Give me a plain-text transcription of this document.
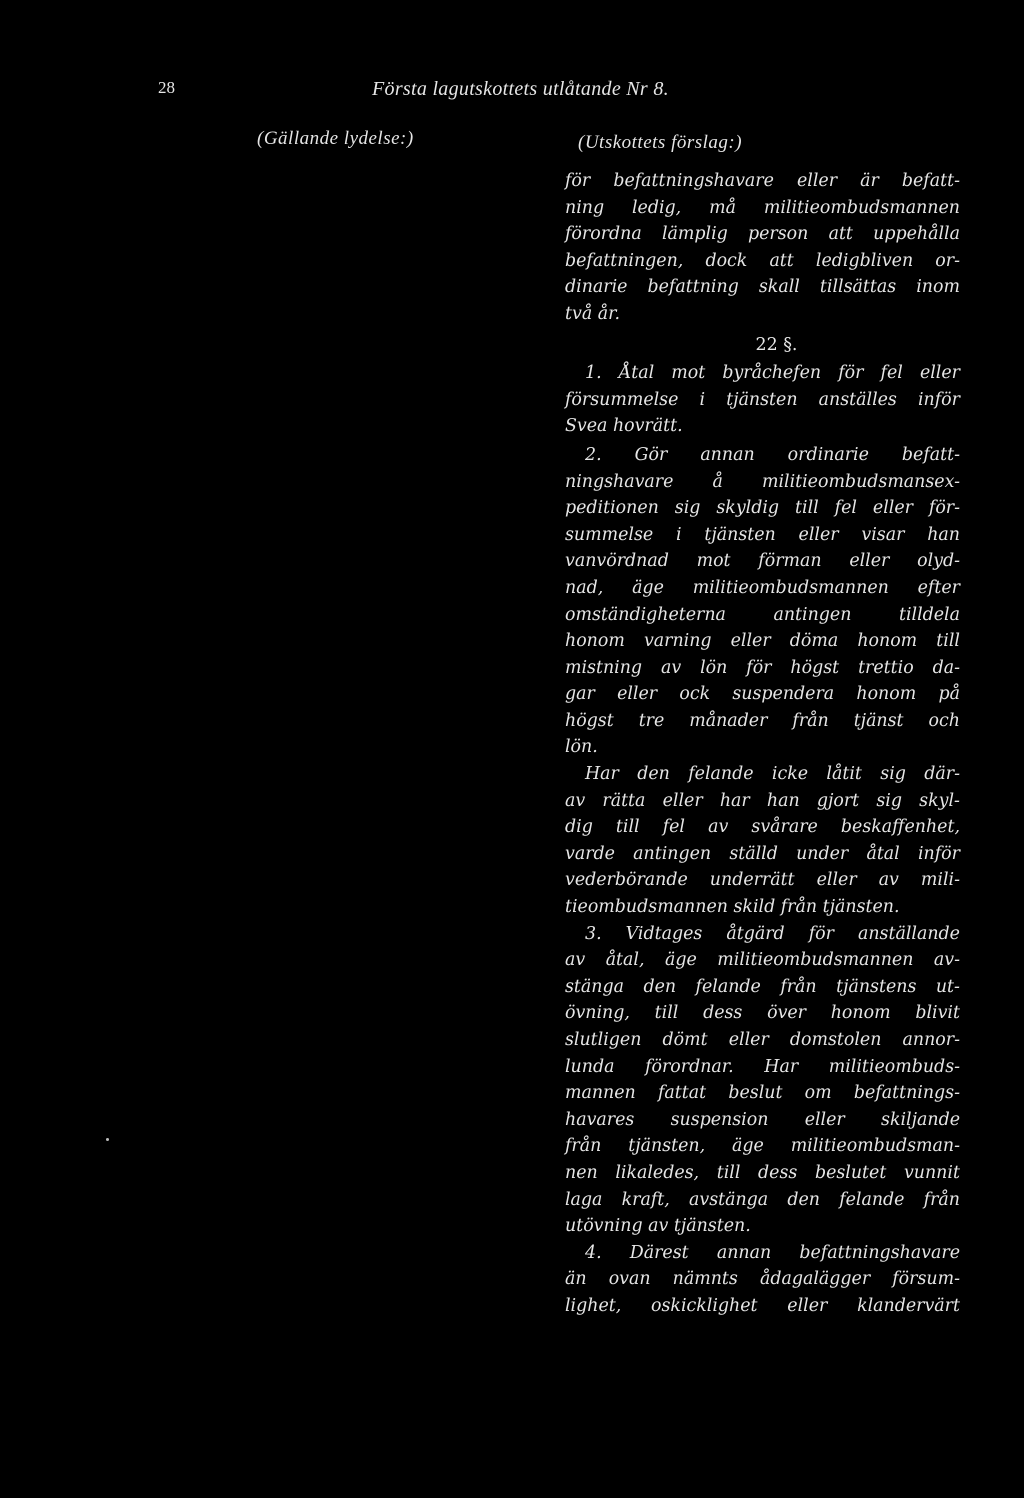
28	Första lagutskottets utlåtande Nr 8.
(Gällande lydelse:)	(Utskottets förslag:)
för befattningshavare eller är befatt-
ning ledig, må militieombudsmannen
förordna lämplig person att uppehålla
befattningen, dock att ledigbliven or-
dinarie befattning skall tillsättas inom
två år.
22 §.
1. Åtal mot byråchefen för fel eller
försummelse i tjänsten anställes inför
Svea hovrätt.
2. Gör annan ordinarie befatt-
ningshavare å militieombudsmansex-
peditionen sig skyldig till fel eller för-
summelse i tjänsten eller visar han
vanvördnad mot förman eller olyd-
nad, äge militieombudsmannen efter
omständigheterna	antingen	tilldela
honom varning eller döma honom till
mistning av lön för högst trettio da-
gar eller ock suspendera honom på
högst tre månader från tjänst och
lön.
Har den felande icke låtit sig där-
av rätta eller har han gjort sig skyl-
dig till fel av svårare beskaffenhet,
varde antingen ställd under åtal inför
vederbörande underrätt eller av mili-
tieombudsmannen skild från tjänsten.
3. Vidtages åtgärd för anställande
av åtal, äge militieombudsmannen av-
stänga den felande från tjänstens ut-
övning, till dess över honom blivit
slutligen dömt eller domstolen annor-
lunda förordnar. Har militieombuds-
mannen fattat beslut om befattnings-
havares suspension eller skiljande
från tjänsten, äge militieombudsman-
nen likaledes, till dess beslutet vunnit
laga kraft, avstänga den felande från
utövning av tjänsten.
4. Därest annan befattningshavare
än ovan nämnts ådagalägger försum-
lighet, oskicklighet eller klandervärt
